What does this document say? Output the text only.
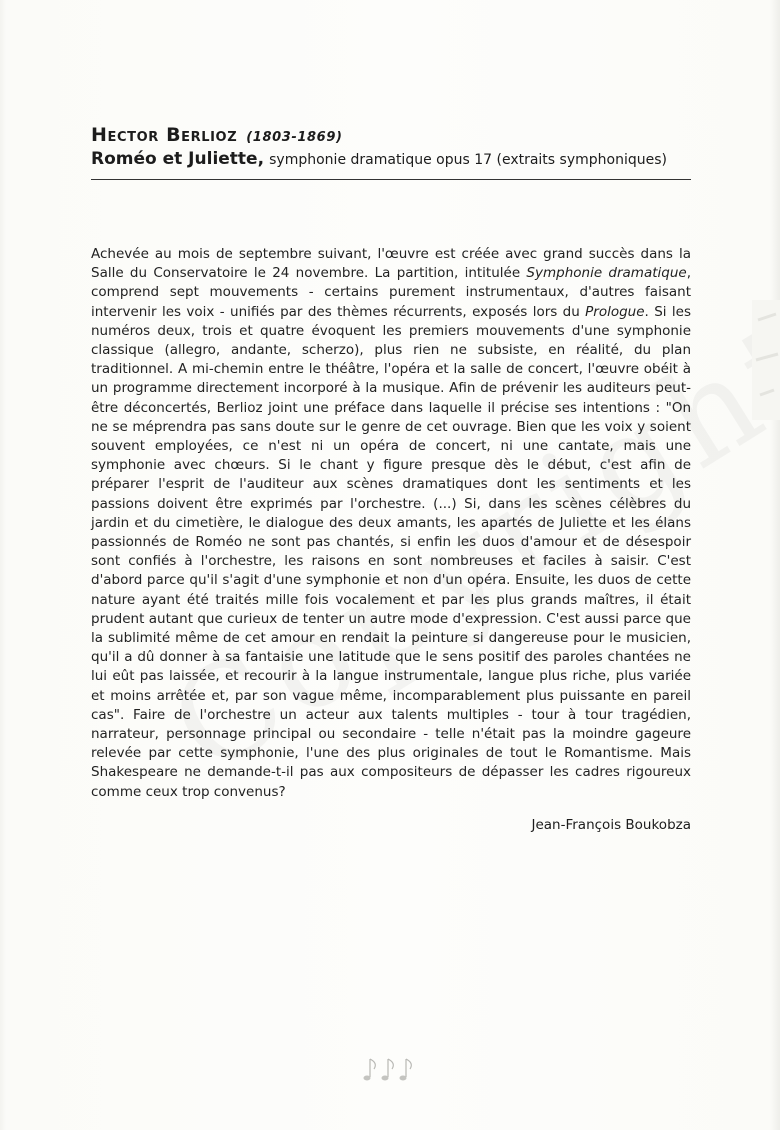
Hector Berlioz (1803-1869)
Roméo et Juliette, symphonie dramatique opus 17 (extraits symphoniques)
Achevée au mois de septembre suivant, l'œuvre est créée avec grand succès dans la Salle du Conservatoire le 24 novembre. La partition, intitulée Symphonie dramatique, comprend sept mouvements - certains purement instrumentaux, d'autres faisant intervenir les voix - unifiés par des thèmes récurrents, exposés lors du Prologue. Si les numéros deux, trois et quatre évoquent les premiers mouvements d'une symphonie classique (allegro, andante, scherzo), plus rien ne subsiste, en réalité, du plan traditionnel. A mi-chemin entre le théâtre, l'opéra et la salle de concert, l'œuvre obéit à un programme directement incorporé à la musique. Afin de prévenir les auditeurs peut-être déconcertés, Berlioz joint une préface dans laquelle il précise ses intentions : "On ne se méprendra pas sans doute sur le genre de cet ouvrage. Bien que les voix y soient souvent employées, ce n'est ni un opéra de concert, ni une cantate, mais une symphonie avec chœurs. Si le chant y figure presque dès le début, c'est afin de préparer l'esprit de l'auditeur aux scènes dramatiques dont les sentiments et les passions doivent être exprimés par l'orchestre. (...) Si, dans les scènes célèbres du jardin et du cimetière, le dialogue des deux amants, les apartés de Juliette et les élans passionnés de Roméo ne sont pas chantés, si enfin les duos d'amour et de désespoir sont confiés à l'orchestre, les raisons en sont nombreuses et faciles à saisir. C'est d'abord parce qu'il s'agit d'une symphonie et non d'un opéra. Ensuite, les duos de cette nature ayant été traités mille fois vocalement et par les plus grands maîtres, il était prudent autant que curieux de tenter un autre mode d'expression. C'est aussi parce que la sublimité même de cet amour en rendait la peinture si dangereuse pour le musicien, qu'il a dû donner à sa fantaisie une latitude que le sens positif des paroles chantées ne lui eût pas laissée, et recourir à la langue instrumentale, langue plus riche, plus variée et moins arrêtée et, par son vague même, incomparablement plus puissante en pareil cas". Faire de l'orchestre un acteur aux talents multiples - tour à tour tragédien, narrateur, personnage principal ou secondaire - telle n'était pas la moindre gageure relevée par cette symphonie, l'une des plus originales de tout le Romantisme. Mais Shakespeare ne demande-t-il pas aux compositeurs de dépasser les cadres rigoureux comme ceux trop convenus?
Jean-François Boukobza
